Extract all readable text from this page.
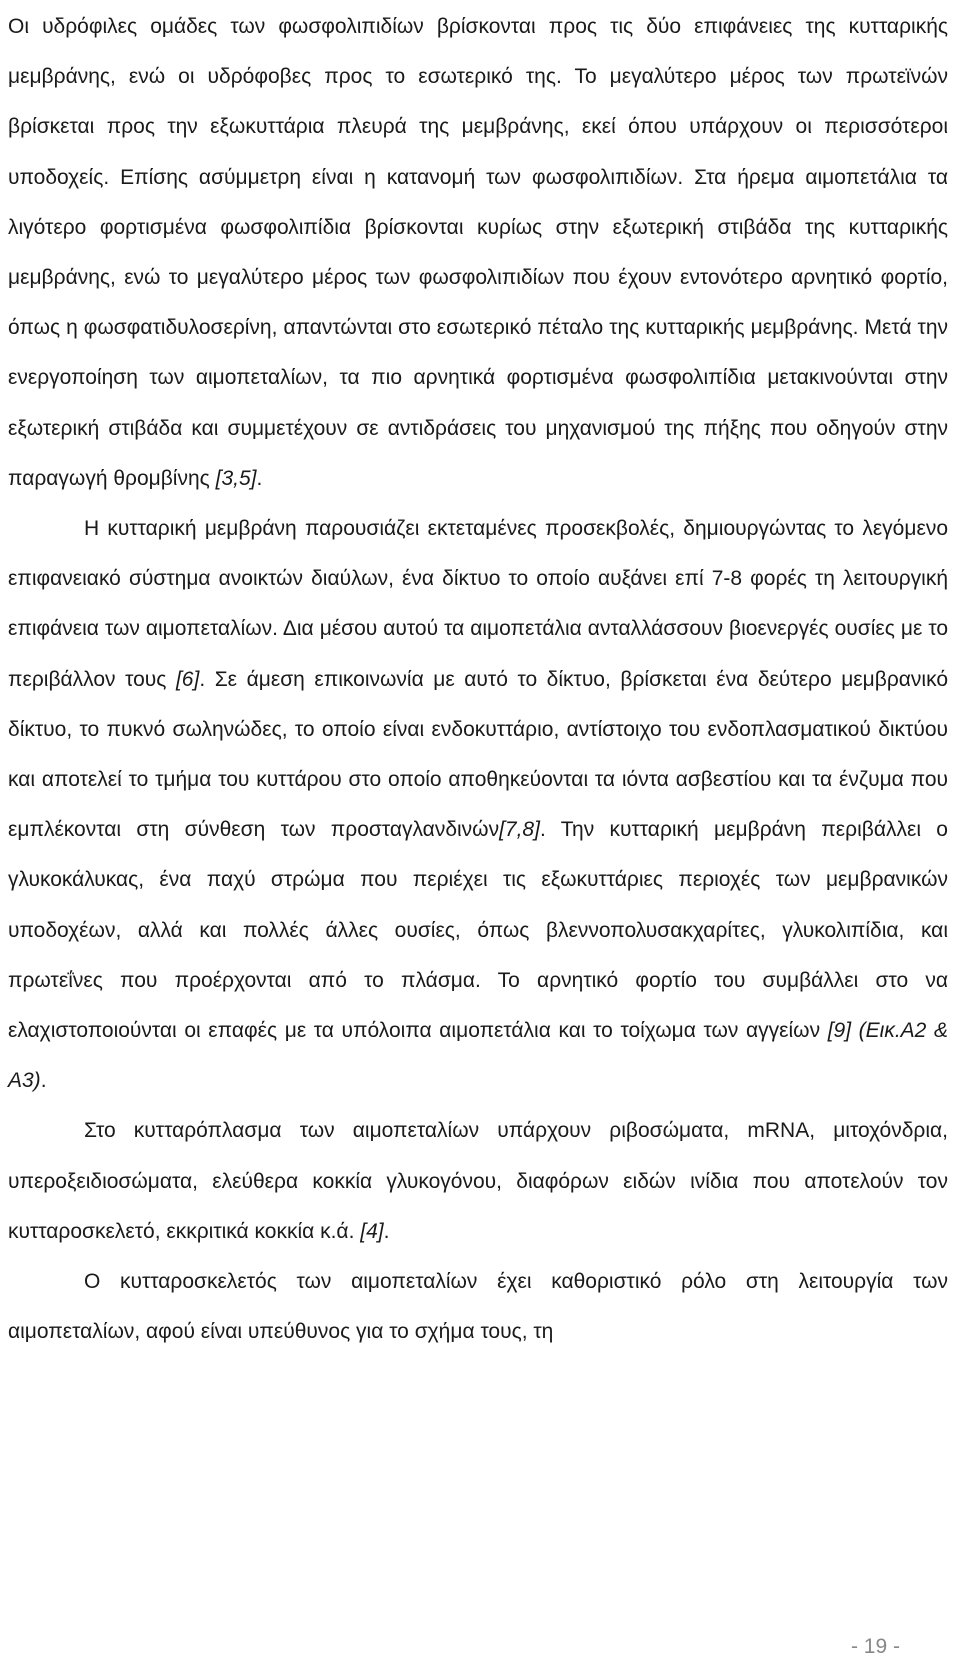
Οι υδρόφιλες ομάδες των φωσφολιπιδίων βρίσκονται προς τις δύο επιφάνειες της κυτταρικής μεμβράνης, ενώ οι υδρόφοβες προς το εσωτερικό της. Το μεγαλύτερο μέρος των πρωτεϊνών βρίσκεται προς την εξωκυττάρια πλευρά της μεμβράνης, εκεί όπου υπάρχουν οι περισσότεροι υποδοχείς. Επίσης ασύμμετρη είναι η κατανομή των φωσφολιπιδίων. Στα ήρεμα αιμοπετάλια τα λιγότερο φορτισμένα φωσφολιπίδια βρίσκονται κυρίως στην εξωτερική στιβάδα της κυτταρικής μεμβράνης, ενώ το μεγαλύτερο μέρος των φωσφολιπιδίων που έχουν εντονότερο αρνητικό φορτίο, όπως η φωσφατιδυλοσερίνη, απαντώνται στο εσωτερικό πέταλο της κυτταρικής μεμβράνης. Μετά την ενεργοποίηση των αιμοπεταλίων, τα πιο αρνητικά φορτισμένα φωσφολιπίδια μετακινούνται στην εξωτερική στιβάδα και συμμετέχουν σε αντιδράσεις του μηχανισμού της πήξης που οδηγούν στην παραγωγή θρομβίνης [3,5].

Η κυτταρική μεμβράνη παρουσιάζει εκτεταμένες προσεκβολές, δημιουργώντας το λεγόμενο επιφανειακό σύστημα ανοικτών διαύλων, ένα δίκτυο το οποίο αυξάνει επί 7-8 φορές τη λειτουργική επιφάνεια των αιμοπεταλίων. Δια μέσου αυτού τα αιμοπετάλια ανταλλάσσουν βιοενεργές ουσίες με το περιβάλλον τους [6]. Σε άμεση επικοινωνία με αυτό το δίκτυο, βρίσκεται ένα δεύτερο μεμβρανικό δίκτυο, το πυκνό σωληνώδες, το οποίο είναι ενδοκυττάριο, αντίστοιχο του ενδοπλασματικού δικτύου και αποτελεί το τμήμα του κυττάρου στο οποίο αποθηκεύονται τα ιόντα ασβεστίου και τα ένζυμα που εμπλέκονται στη σύνθεση των προσταγλανδινών[7,8]. Την κυτταρική μεμβράνη περιβάλλει ο γλυκοκάλυκας, ένα παχύ στρώμα που περιέχει τις εξωκυττάριες περιοχές των μεμβρανικών υποδοχέων, αλλά και πολλές άλλες ουσίες, όπως βλεννοπολυσακχαρίτες, γλυκολιπίδια, και πρωτεΐνες που προέρχονται από το πλάσμα. Το αρνητικό φορτίο του συμβάλλει στο να ελαχιστοποιούνται οι επαφές με τα υπόλοιπα αιμοπετάλια και το τοίχωμα των αγγείων [9] (Εικ.Α2 & Α3).

Στο κυτταρόπλασμα των αιμοπεταλίων υπάρχουν ριβοσώματα, mRNA, μιτοχόνδρια, υπεροξειδιοσώματα, ελεύθερα κοκκία γλυκογόνου, διαφόρων ειδών ινίδια που αποτελούν τον κυτταροσκελετό, εκκριτικά κοκκία κ.ά. [4].

Ο κυτταροσκελετός των αιμοπεταλίων έχει καθοριστικό ρόλο στη λειτουργία των αιμοπεταλίων, αφού είναι υπεύθυνος για το σχήμα τους, τη

- 19 -
